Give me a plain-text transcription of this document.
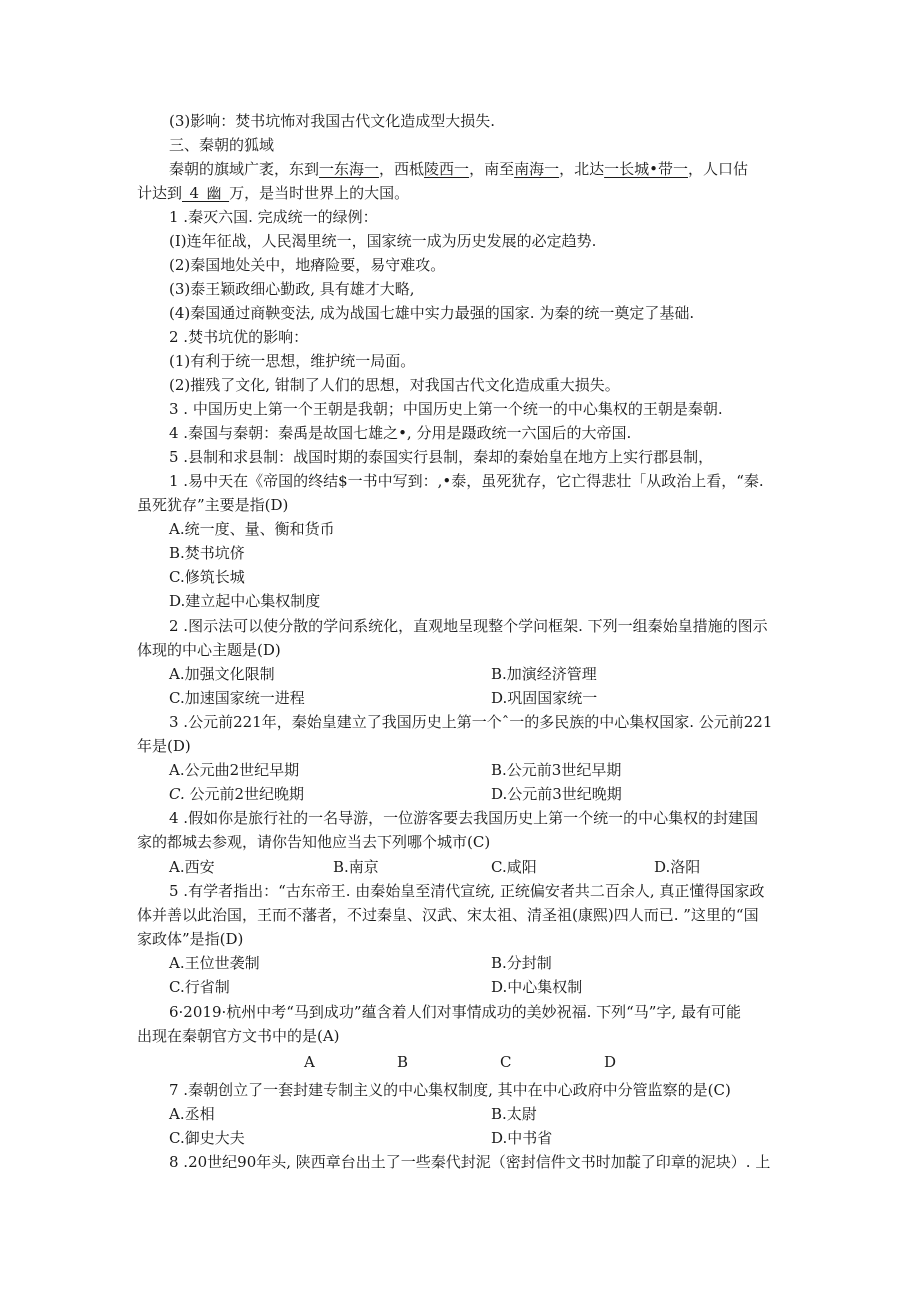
(3)影响：焚书坑怖对我国古代文化造成型大损失.
三、秦朝的狐域
秦朝的旗域广袤，东到一东海一，西柢陵西一，南至南海一，北达一长城•带一，人口估
计达到_4_幽_万，是当时世界上的大国。
1 .秦灭六国. 完成统一的绿例：
(I)连年征战，人民渴里统一，国家统一成为历史发展的必定趋势.
(2)秦国地处关中，地瘠险要，易守难攻。
(3)泰王颖政细心勤政, 具有雄才大略,
(4)秦国通过商鞅变法, 成为战国七雄中实力最强的国家. 为秦的统一奠定了基础.
2 .焚书坑优的影响：
(1)有利于统一思想，维护统一局面。
(2)摧残了文化, 钳制了人们的思想，对我国古代文化造成重大损失。
3 . 中国历史上第一个王朝是我朝；中国历史上第一个统一的中心集权的王朝是秦朝.
4 .秦国与秦朝：秦禹是故国七雄之•, 分用是蹑政统一六国后的大帝国.
5 .县制和求县制：战国时期的泰国实行县制，秦却的秦始皇在地方上实行郡县制，
1 .易中天在《帝国的终结$一书中写到：,•泰，虽死犹存，它亡得悲壮「从政治上看，“秦.
虽死犹存”主要是指(D)
A.统一度、量、衡和货币
B.焚书坑侪
C.修筑长城
D.建立起中心集权制度
2 .图示法可以使分散的学问系统化，直观地呈现整个学问框架. 下列一组秦始皇措施的图示
体现的中心主题是(D)
A.加强文化限制	B.加演经济管理
C.加速国家统一进程	D.巩固国家统一
3 .公元前221年，秦始皇建立了我国历史上第一个ˆ一的多民族的中心集权国家. 公元前221
年是(D)
A.公元曲2世纪早期	B.公元前3世纪早期
C. 公元前2世纪晚期	D.公元前3世纪晚期
4 .假如你是旅行社的一名导游，一位游客要去我国历史上第一个统一的中心集权的封建国
家的都城去参观，请你告知他应当去下列哪个城市(C)
A.西安	B.南京	C.咸阳	D.洛阳
5 .有学者指出：“古东帝王. 由秦始皇至清代宣统, 正统偏安者共二百余人, 真正懂得国家政
体并善以此治国，王而不藩者，不过秦皇、汉武、宋太祖、清圣祖(康熙)四人而已. ”这里的“国
家政体”是指(D)
A.王位世袭制	B.分封制
C.行省制	D.中心集权制
6·2019·杭州中考“马到成功”蕴含着人们对事情成功的美妙祝福. 下列“马”字, 最有可能
出现在秦朝官方文书中的是(A)
A	B	C	D
7 .秦朝创立了一套封建专制主义的中心集权制度, 其中在中心政府中分管监察的是(C)
A.丞相	B.太尉
C.御史大夫	D.中书省
8 .20世纪90年头, 陕西章台出土了一些秦代封泥（密封信件文书时加靛了印章的泥块）. 上
